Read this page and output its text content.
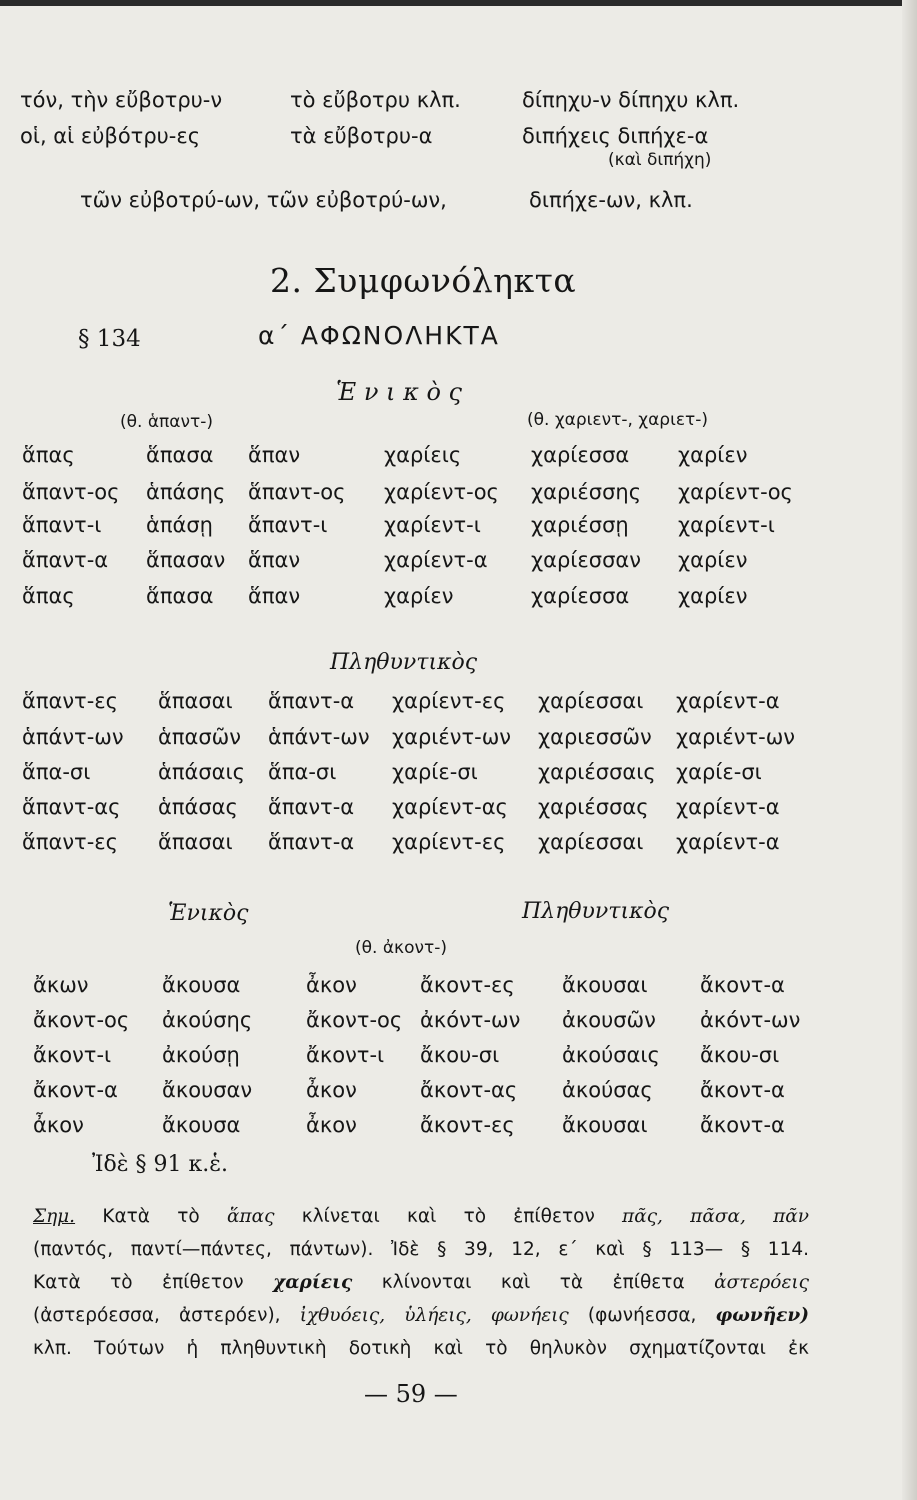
τόν, τὴν εὔβοτρυ-ν	τὸ εὔβοτρυ κλπ.	δίπηχυ-ν δίπηχυ κλπ.
οἱ, αἱ εὐβότρυ-ες	τὰ εὔβοτρυ-α	διπήχεις διπήχε-α
(καὶ διπήχη)
τῶν εὐβοτρύ-ων, τῶν εὐβοτρύ-ων,	διπήχε-ων, κλπ.
2. Συμφωνόληκτα
§ 134	α΄ ΑΦΩΝΟΛΗΚΤΑ
Ἑ ν ι κ ὸ ς
(θ. ἁπαντ-)	(θ. χαριεντ-, χαριετ-)
ἅπας	ἅπασα ἅπαν	χαρίεις	χαρίεσσα χαρίεν
ἅπαντ-ος ἁπάσης ἅπαντ-ος χαρίεντ-ος χαριέσσης χαρίεντ-ος
ἅπαντ-ι ἁπάσῃ ἅπαντ-ι	χαρίεντ-ι χαριέσσῃ χαρίεντ-ι
ἅπαντ-α ἅπασαν ἅπαν	χαρίεντ-α χαρίεσσαν χαρίεν
ἅπας	ἅπασα ἅπαν	χαρίεν	χαρίεσσα χαρίεν
Πληθυντικὸς
ἅπαντ-ες ἅπασαι ἅπαντ-α χαρίεντ-ες χαρίεσσαι χαρίεντ-α
ἁπάντ-ων ἁπασῶν ἁπάντ-ων χαριέντ-ων χαριεσσῶν χαριέντ-ων
ἅπα-σι	ἁπάσαις ἅπα-σι	χαρίε-σι	χαριέσσαις χαρίε-σι
ἅπαντ-ας ἁπάσας ἅπαντ-α χαρίεντ-ας χαριέσσας χαρίεντ-α
ἅπαντ-ες ἅπασαι ἅπαντ-α χαρίεντ-ες χαρίεσσαι χαρίεντ-α
Ἑνικὸς	Πληθυντικὸς
(θ. ἀκοντ-)
ἄκων	ἄκουσα	ἆκον	ἄκοντ-ες ἄκουσαι	ἄκοντ-α
ἄκοντ-ος ἀκούσης	ἄκοντ-ος ἀκόντ-ων ἀκουσῶν ἀκόντ-ων
ἄκοντ-ι ἀκούσῃ	ἄκοντ-ι ἄκου-σι	ἀκούσαις ἄκου-σι
ἄκοντ-α ἄκουσαν	ἆκον	ἄκοντ-ας ἀκούσας ἄκοντ-α
ἆκον	ἄκουσα	ἆκον	ἄκοντ-ες ἄκουσαι	ἄκοντ-α
Ἰδὲ § 91 κ.ἑ.

Σημ. Κατὰ τὸ ἅπας κλίνεται καὶ τὸ ἐπίθετον πᾶς, πᾶσα, πᾶν

(παντός, παντί—πάντες, πάντων). Ἰδὲ § 39, 12, ε΄ καὶ § 113— § 114.

Κατὰ τὸ ἐπίθετον χαρίεις κλίνονται καὶ τὰ ἐπίθετα ἀστερόεις

(ἀστερόεσσα, ἀστερόεν), ἰχθυόεις, ὑλήεις, φωνήεις (φωνήεσσα, φωνῆεν)

κλπ. Τούτων ἡ πληθυντικὴ δοτικὴ καὶ τὸ θηλυκὸν σχηματίζονται ἐκ

— 59 —
